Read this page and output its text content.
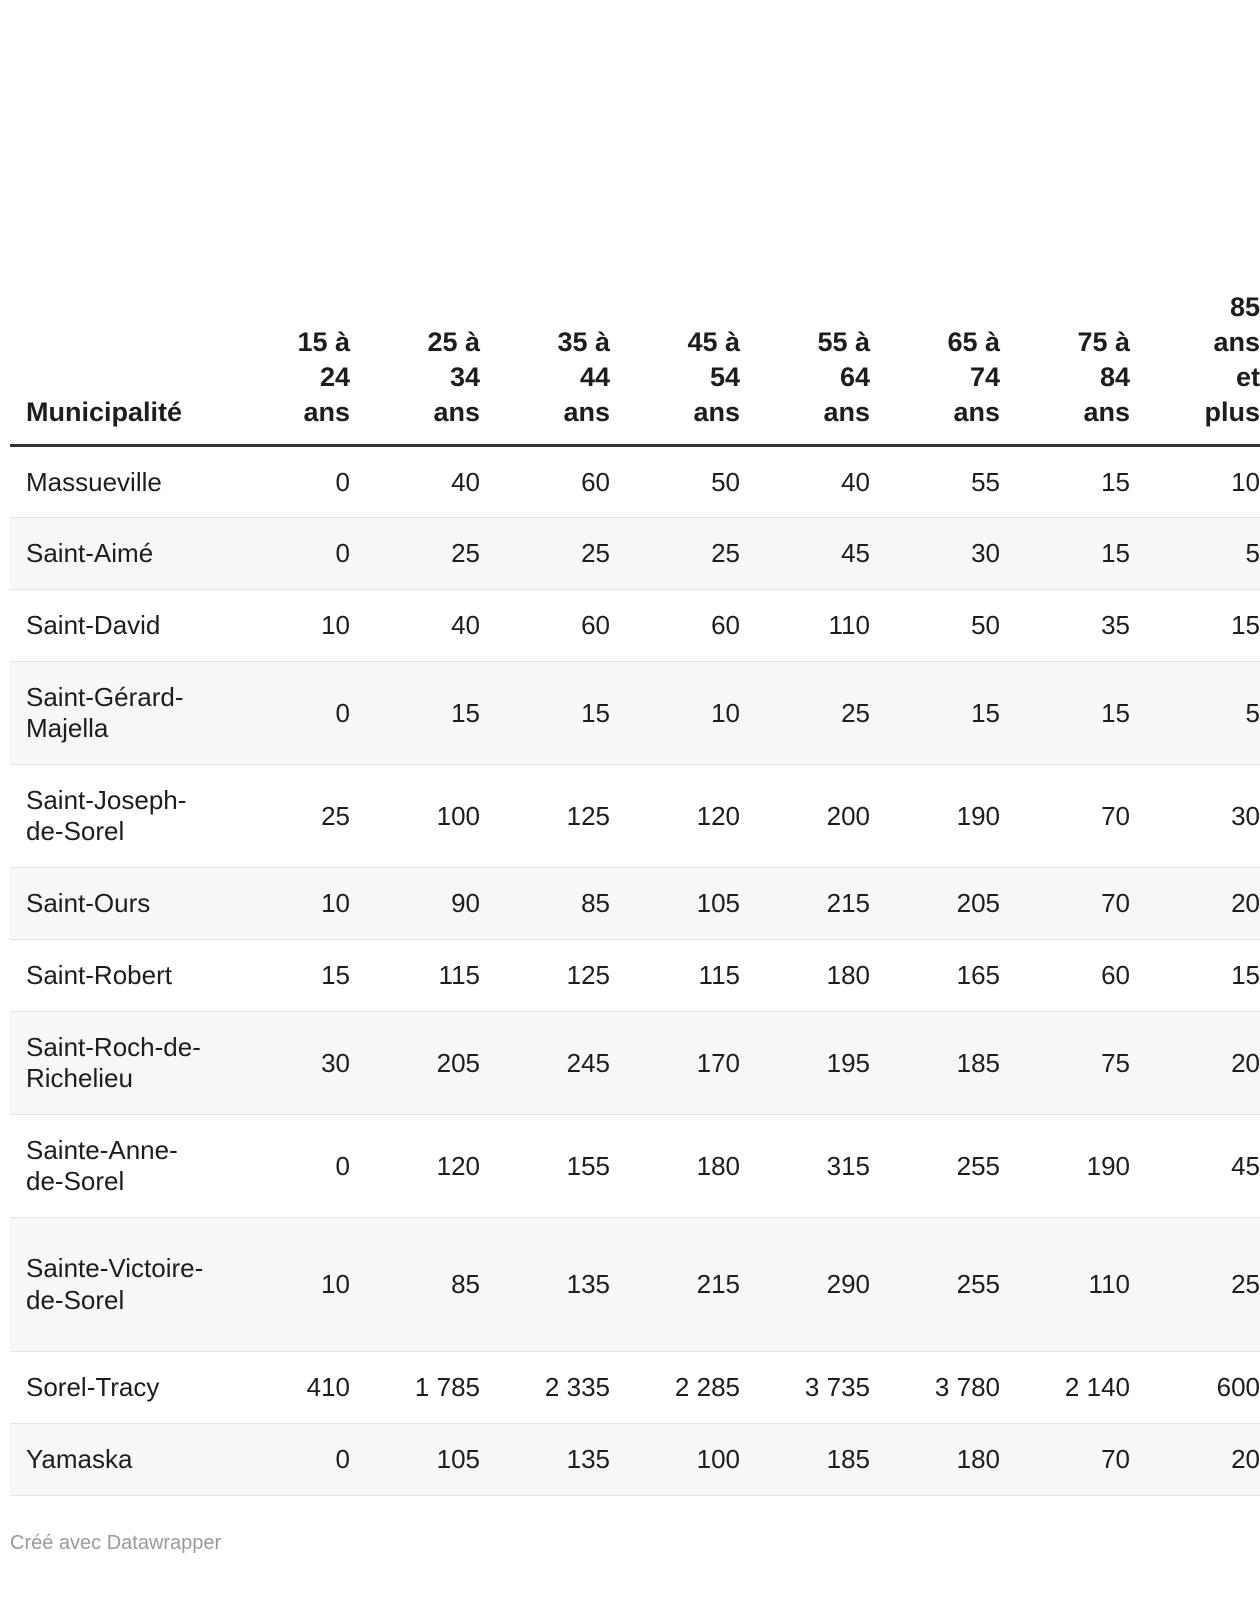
Municipalité	15 à 24 ans	25 à 34 ans	35 à 44 ans	45 à 54 ans	55 à 64 ans	65 à 74 ans	75 à 84 ans	85 ans et plus
Massueville	0	40	60	50	40	55	15	10
Saint-Aimé	0	25	25	25	45	30	15	5
Saint-David	10	40	60	60	110	50	35	15
Saint-Gérard-Majella	0	15	15	10	25	15	15	5
Saint-Joseph-de-Sorel	25	100	125	120	200	190	70	30
Saint-Ours	10	90	85	105	215	205	70	20
Saint-Robert	15	115	125	115	180	165	60	15
Saint-Roch-de-Richelieu	30	205	245	170	195	185	75	20
Sainte-Anne-de-Sorel	0	120	155	180	315	255	190	45
Sainte-Victoire-de-Sorel	10	85	135	215	290	255	110	25
Sorel-Tracy	410	1 785	2 335	2 285	3 735	3 780	2 140	600
Yamaska	0	105	135	100	185	180	70	20
Créé avec Datawrapper
